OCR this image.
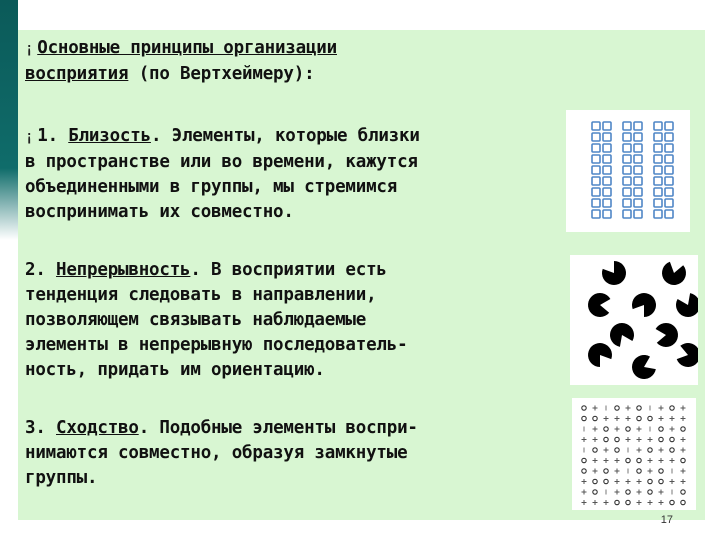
¡ Основные принципы организации
восприятия (по Вертхеймеру):
¡ 1. Близость. Элементы, которые близки
в пространстве или во времени, кажутся
объединенными в группы, мы стремимся
воспринимать их совместно.
2. Непрерывность. В восприятии есть
тенденция следовать в направлении,
позволяющем связывать наблюдаемые
элементы в непрерывную последователь-
ность, придать им ориентацию.
3. Сходство. Подобные элементы воспри-
нимаются совместно, образуя замкнутые
группы.
17
